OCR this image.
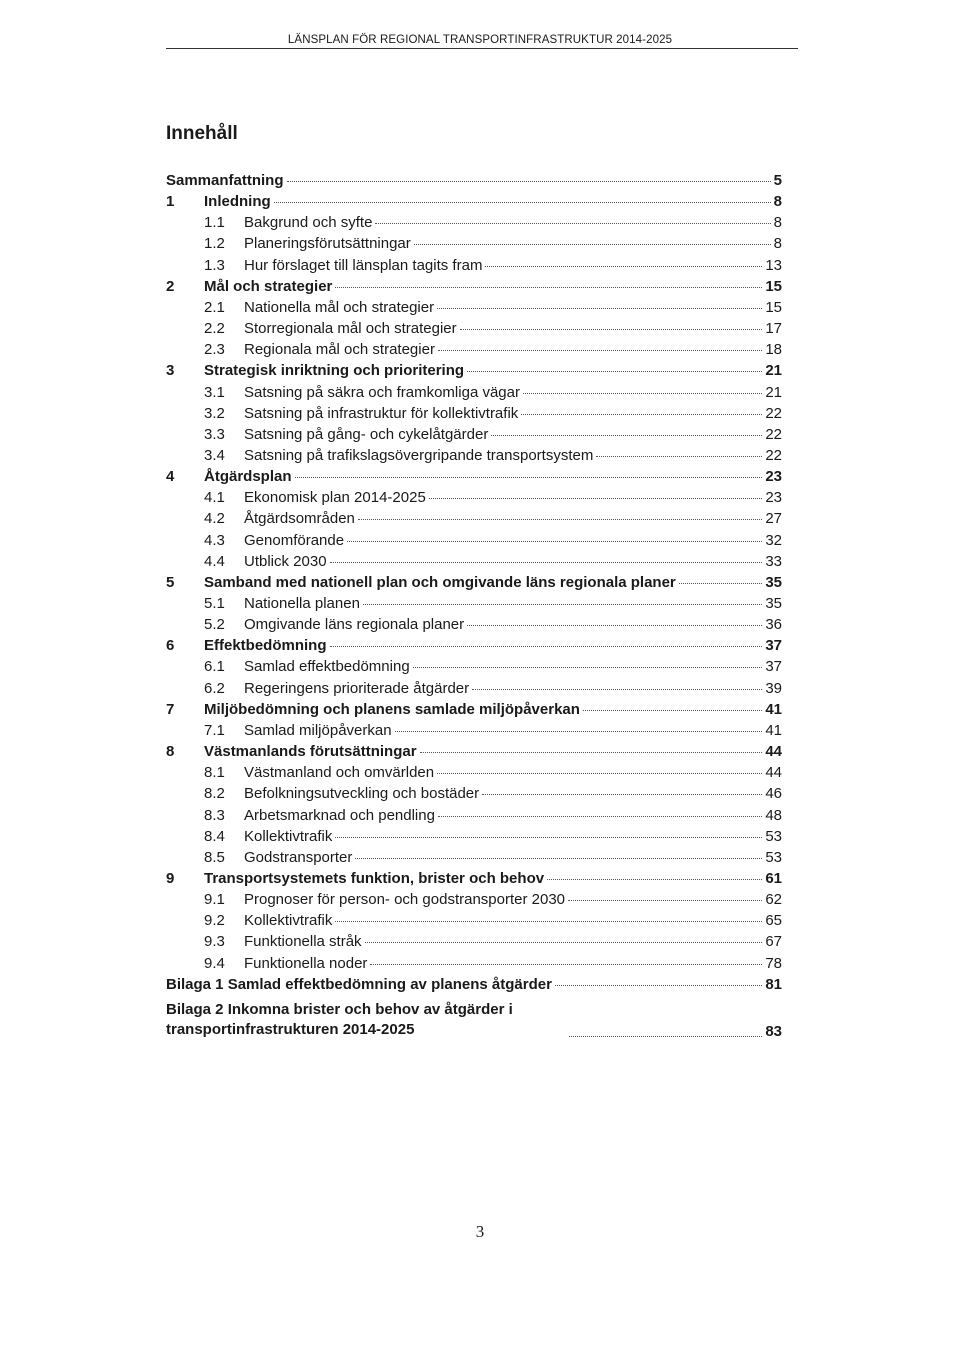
LÄNSPLAN FÖR REGIONAL TRANSPORTINFRASTRUKTUR 2014-2025
Innehåll
Sammanfattning	5
1	Inledning	8
1.1	Bakgrund och syfte	8
1.2	Planeringsförutsättningar	8
1.3	Hur förslaget till länsplan tagits fram	13
2	Mål och strategier	15
2.1	Nationella mål och strategier	15
2.2	Storregionala mål och strategier	17
2.3	Regionala mål och strategier	18
3	Strategisk inriktning och prioritering	21
3.1	Satsning på säkra och framkomliga vägar	21
3.2	Satsning på infrastruktur för kollektivtrafik	22
3.3	Satsning på gång- och cykelåtgärder	22
3.4	Satsning på trafikslagsövergripande transportsystem	22
4	Åtgärdsplan	23
4.1	Ekonomisk plan 2014-2025	23
4.2	Åtgärdsområden	27
4.3	Genomförande	32
4.4	Utblick 2030	33
5	Samband med nationell plan och omgivande läns regionala planer	35
5.1	Nationella planen	35
5.2	Omgivande läns regionala planer	36
6	Effektbedömning	37
6.1	Samlad effektbedömning	37
6.2	Regeringens prioriterade åtgärder	39
7	Miljöbedömning och planens samlade miljöpåverkan	41
7.1	Samlad miljöpåverkan	41
8	Västmanlands förutsättningar	44
8.1	Västmanland och omvärlden	44
8.2	Befolkningsutveckling och bostäder	46
8.3	Arbetsmarknad och pendling	48
8.4	Kollektivtrafik	53
8.5	Godstransporter	53
9	Transportsystemets funktion, brister och behov	61
9.1	Prognoser för person- och godstransporter 2030	62
9.2	Kollektivtrafik	65
9.3	Funktionella stråk	67
9.4	Funktionella noder	78
Bilaga 1 Samlad effektbedömning av planens åtgärder	81
Bilaga 2 Inkomna brister och behov av åtgärder i transportinfrastrukturen 2014-2025	83
3
